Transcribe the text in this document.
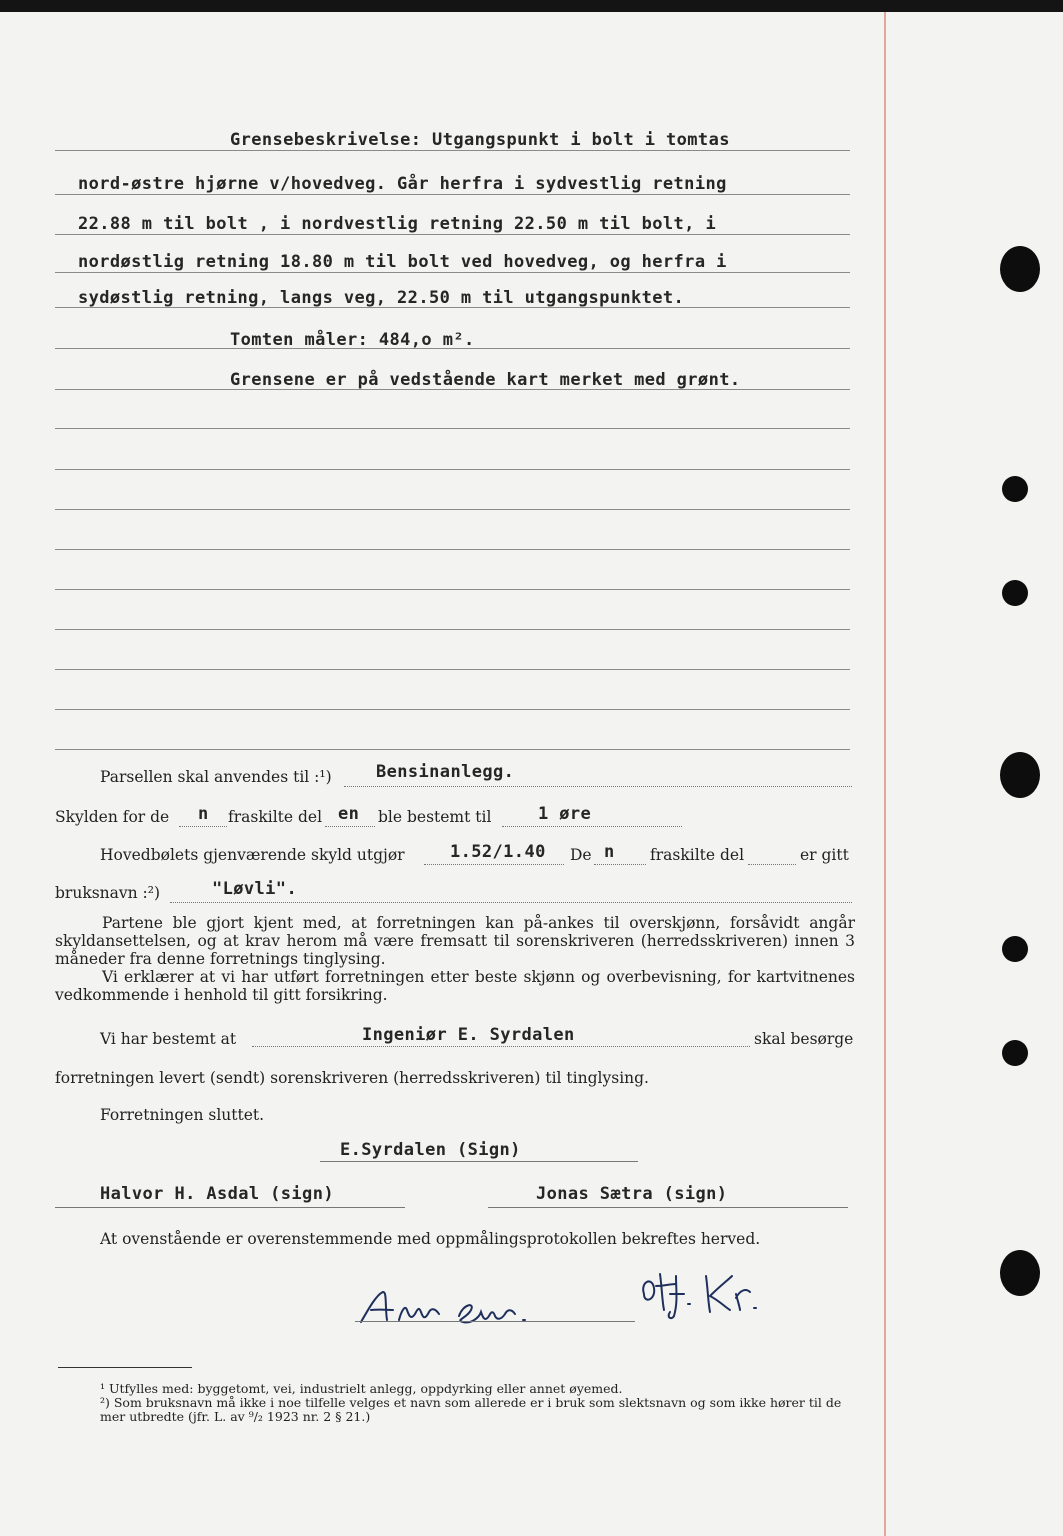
Grensebeskrivelse: Utgangspunkt i bolt i tomtas
nord-østre hjørne v/hovedveg. Går herfra i sydvestlig retning
22.88 m til bolt , i nordvestlig retning 22.50 m til bolt, i
nordøstlig retning 18.80 m til bolt ved hovedveg, og herfra i
sydøstlig retning, langs veg, 22.50 m til utgangspunktet.
Tomten måler: 484,o m².
Grensene er på vedstående kart merket med grønt.
Parsellen skal anvendes til :¹)	Bensinanlegg.
Skylden for de n fraskilte del en ble bestemt til	1 øre
Hovedbølets gjenværende skyld utgjør	1.52/1.40 De n fraskilte del	er gitt
bruksnavn :²)	"Løvli".

Partene ble gjort kjent med, at forretningen kan på-ankes til overskjønn, forsåvidt angår skyldansettelsen, og at krav herom må være fremsatt til sorenskriveren (herredsskriveren) innen 3 måneder fra denne forretnings tinglysing.

Vi erklærer at vi har utført forretningen etter beste skjønn og overbevisning, for kartvitnenes vedkommende i henhold til gitt forsikring.

Vi har bestemt at	Ingeniør E. Syrdalen	skal besørge
forretningen levert (sendt) sorenskriveren (herredsskriveren) til tinglysing.
Forretningen sluttet.
E.Syrdalen (Sign)
Halvor H. Asdal (sign)	Jonas Sætra (sign)
At ovenstående er overenstemmende med oppmålingsprotokollen bekreftes herved.
¹ Utfylles med: byggetomt, vei, industrielt anlegg, oppdyrking eller annet øyemed.
²) Som bruksnavn må ikke i noe tilfelle velges et navn som allerede er i bruk som slektsnavn og som ikke hører til de mer utbredte (jfr. L. av ⁹/₂ 1923 nr. 2 § 21.)
